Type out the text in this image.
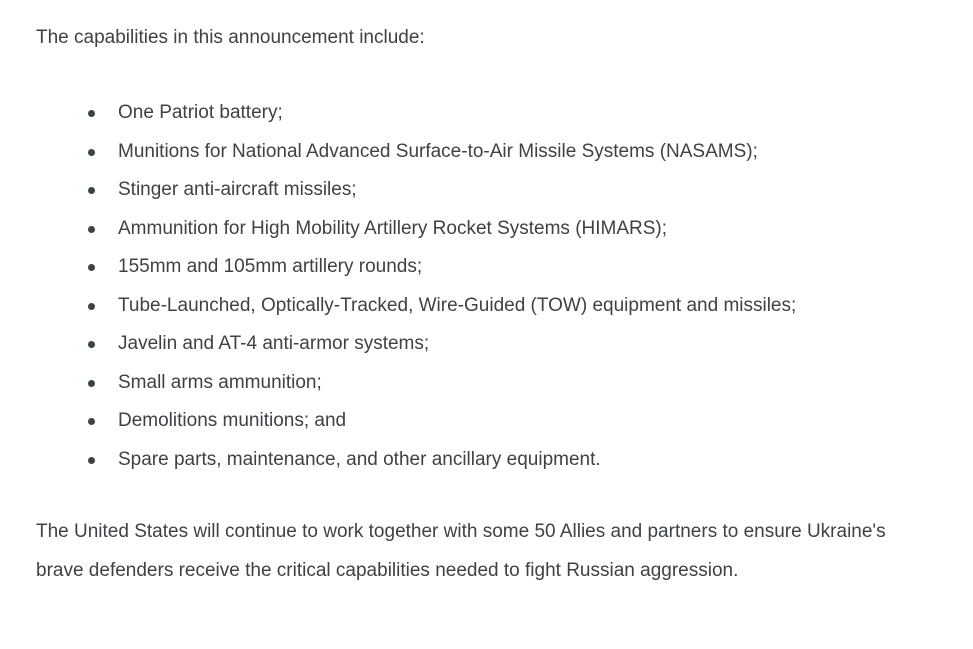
The capabilities in this announcement include:

One Patriot battery;
Munitions for National Advanced Surface-to-Air Missile Systems (NASAMS);
Stinger anti-aircraft missiles;
Ammunition for High Mobility Artillery Rocket Systems (HIMARS);
155mm and 105mm artillery rounds;
Tube-Launched, Optically-Tracked, Wire-Guided (TOW) equipment and missiles;
Javelin and AT-4 anti-armor systems;
Small arms ammunition;
Demolitions munitions; and
Spare parts, maintenance, and other ancillary equipment.

The United States will continue to work together with some 50 Allies and partners to ensure Ukraine's brave defenders receive the critical capabilities needed to fight Russian aggression.
